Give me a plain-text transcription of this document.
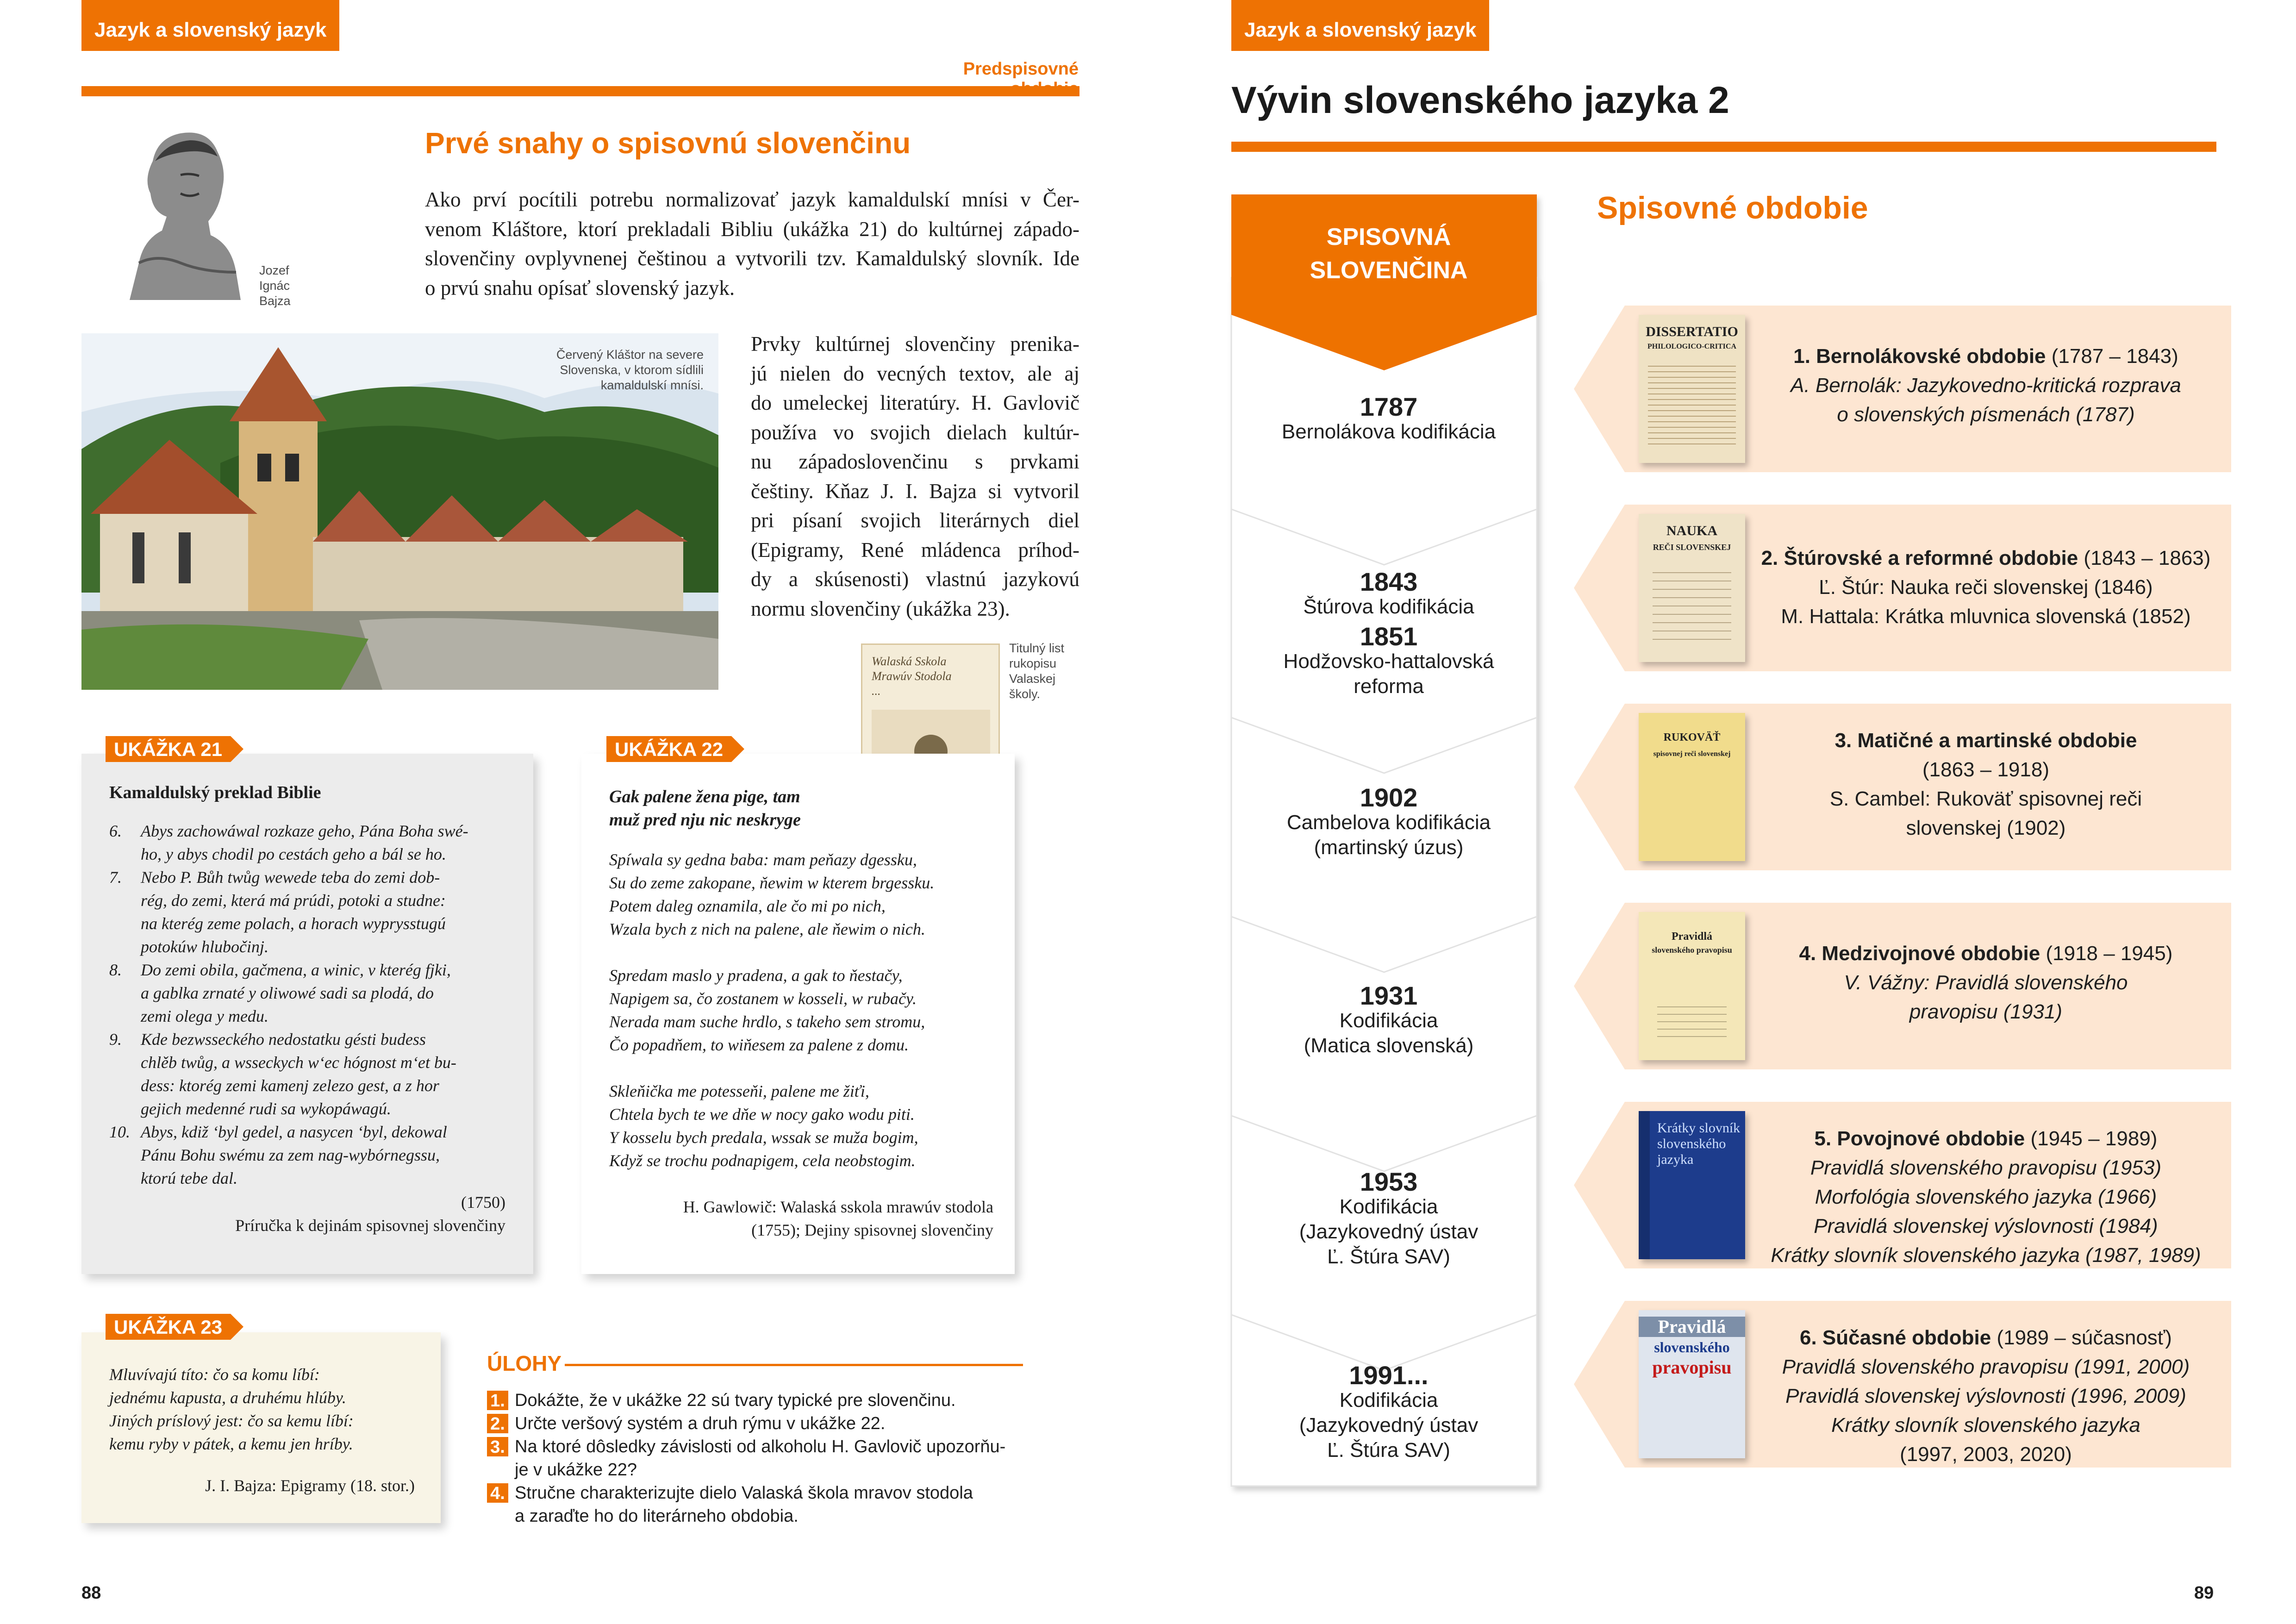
Jazyk a slovenský jazyk
Predspisovné
Jozef
Ignác
Bajza
Prvé snahy o spisovnú slovenčinu
Ako prví pocítili potrebu normalizovať jazyk kamaldulskí mnísi v Čer-
venom Kláštore, ktorí prekladali Bibliu (ukážka 21) do kultúrnej západo-
slovenčiny ovplyvnenej češtinou a vytvorili tzv. Kamaldulský slovník. Ide
o prvú snahu opísať slovenský jazyk.
Červený Kláštor na severe
Slovenska, v ktorom sídlili
kamaldulskí mnísi.
Prvky kultúrnej slovenčiny prenika-
jú nielen do vecných textov, ale aj
do umeleckej literatúry. H. Gavlovič
používa vo svojich dielach kultúr-
nu západoslovenčinu s prvkami
češtiny. Kňaz J. I. Bajza si vytvoril
pri písaní svojich literárnych diel
(Epigramy, René mládenca príhod-
dy a skúsenosti) vlastnú jazykovú
normu slovenčiny (ukážka 23).
Walaská Sskola
Mrawúv Stodola
...
Titulný list
rukopisu
Valaskej
školy.
UKÁŽKA 21
Kamaldulský preklad Biblie
6.	Abys zachowáwal rozkaze geho, Pána Boha swé-
ho, y abys chodil po cestách geho a bál se ho.
7.	Nebo P. Bůh twůg wewede teba do zemi dob-
rég, do zemi, která má prúdi, potoki a studne:
na kterég zeme polach, a horach wyprysstugú
potokúw hlubočinj.
8.	Do zemi obila, gačmena, a winic, v kterég fjki,
a gablka zrnaté y oliwowé sadi sa plodá, do
zemi olega y medu.
9.	Kde bezwsseckého nedostatku gésti budess
chlěb twůg, a wsseckych w‘ec hógnost m‘et bu-
dess: ktorég zemi kamenj zelezo gest, a z hor
gejich medenné rudi sa wykopáwagú.
10. Abys, kdiž ‘byl gedel, a nasycen ‘byl, dekowal
Pánu Bohu swému za zem nag-wybórnegssu,
ktorú tebe dal.
(1750)
Príručka k dejinám spisovnej slovenčiny
UKÁŽKA 22
Gak palene žena pige, tam
muž pred nju nic neskryge
Spíwala sy gedna baba: mam peňazy dgessku,
Su do zeme zakopane, ňewim w kterem brgessku.
Potem daleg oznamila, ale čo mi po nich,
Wzala bych z nich na palene, ale ňewim o nich.
Spredam maslo y pradena, a gak to ňestačy,
Napigem sa, čo zostanem w kosseli, w rubačy.
Nerada mam suche hrdlo, s takeho sem stromu,
Čo popadňem, to wiňesem za palene z domu.
Skleňička me potesseňi, palene me žiťi,
Chtela bych te we dňe w nocy gako wodu piti.
Y kosselu bych predala, wssak se muža bogim,
Když se trochu podnapigem, cela neobstogim.
H. Gawlowič: Walaská sskola mrawúv stodola
(1755); Dejiny spisovnej slovenčiny
UKÁŽKA 23
Mluvívajú títo: čo sa komu líbí:
jednému kapusta, a druhému hlúby.
Jiných príslový jest: čo sa kemu líbí:
kemu ryby v pátek, a kemu jen hríby.
J. I. Bajza: Epigramy (18. stor.)
ÚLOHY
1. Dokážte, že v ukážke 22 sú tvary typické pre slovenčinu.
2. Určte veršový systém a druh rýmu v ukážke 22.
3. Na ktoré dôsledky závislosti od alkoholu H. Gavlovič upozorňu-
je v ukážke 22?
4. Stručne charakterizujte dielo Valaská škola mravov stodola
a zaraďte ho do literárneho obdobia.
88
Jazyk a slovenský jazyk
Vývin slovenského jazyka 2
SPISOVNÁ
SLOVENČINA
1787
Bernolákova kodifikácia
1843
Štúrova kodifikácia
1851
Hodžovsko-hattalovská
reforma
1902
Cambelova kodifikácia
(martinský úzus)
1931
Kodifikácia
(Matica slovenská)
1953
Kodifikácia
(Jazykovedný ústav
Ľ. Štúra SAV)
1991...
Kodifikácia
(Jazykovedný ústav
Ľ. Štúra SAV)
Spisovné obdobie
DISSERTATIO
PHILOLOGICO-CRITICA	1. Bernolákovské obdobie (1787 – 1843)
A. Bernolák: Jazykovedno-kritická rozprava
o slovenských písmenách (1787)
NAUKA
REČI SLOVENSKEJ	2. Štúrovské a reformné obdobie (1843 – 1863)
Ľ. Štúr: Nauka reči slovenskej (1846)
M. Hattala: Krátka mluvnica slovenská (1852)
RUKOVÄŤ
spisovnej reči slovenskej
3. Matičné a martinské obdobie
(1863 – 1918)
S. Cambel: Rukoväť spisovnej reči
slovenskej (1902)
Pravidlá
slovenského pravopisu	4. Medzivojnové obdobie (1918 – 1945)
V. Vážny: Pravidlá slovenského
pravopisu (1931)
Krátky slovník
slovenského
jazyka
5. Povojnové obdobie (1945 – 1989)
Pravidlá slovenského pravopisu (1953)
Morfológia slovenského jazyka (1966)
Pravidlá slovenskej výslovnosti (1984)
Krátky slovník slovenského jazyka (1987, 1989)
Pravidlá
slovenského
pravopisu
6. Súčasné obdobie (1989 – súčasnosť)
Pravidlá slovenského pravopisu (1991, 2000)
Pravidlá slovenskej výslovnosti (1996, 2009)
Krátky slovník slovenského jazyka
(1997, 2003, 2020)
89
